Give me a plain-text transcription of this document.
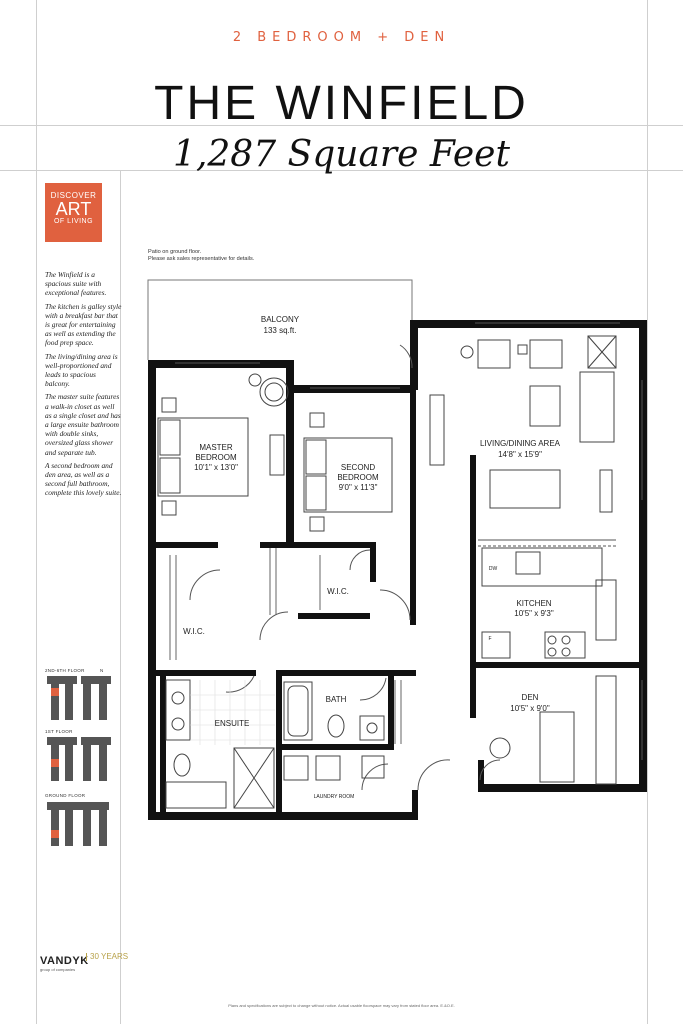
2 BEDROOM + DEN
THE WINFIELD
1,287 Square Feet
DISCOVER
ART
OF LIVING

The Winfield is a spacious suite with exceptional features.

The kitchen is galley style with a breakfast bar that is great for entertaining as well as extending the food prep space.

The living/dining area is well-proportioned and leads to spacious balcony.

The master suite features a walk-in closet as well as a single closet and has a large ensuite bathroom with double sinks, oversized glass shower and separate tub.

A second bedroom and den area, as well as a second full bathroom, complete this lovely suite.

Patio on ground floor.
Please ask sales representative for details.
2ND-6TH FLOOR	N
1ST FLOOR
GROUND FLOOR
BALCONY
133 sq.ft.
MASTER
BEDROOM
10'1" x 13'0"	SECOND
BEDROOM
9'0" x 11'3"
LIVING/DINING AREA
14'8" x 15'9"
KITCHEN
10'5" x 9'3"
DEN
10'5" x 9'0"
W.I.C.
W.I.C.
ENSUITE
BATH
LAUNDRY ROOM
DW
F
VANDYK
group of companies
30 YEARS
Plans and specifications are subject to change without notice. Actual usable floorspace may vary from stated floor area. E.&O.E.
